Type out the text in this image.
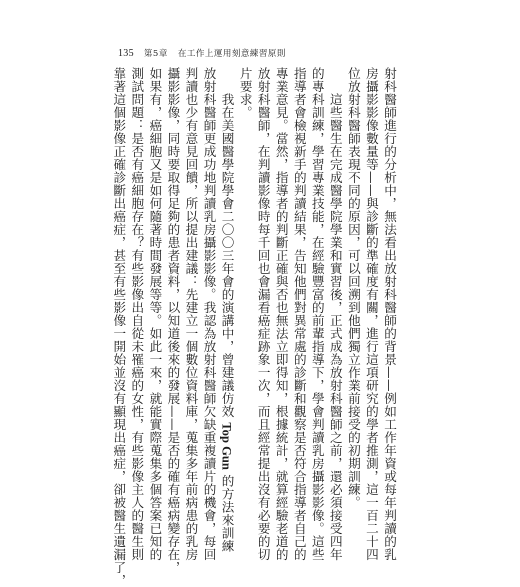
135 第5章 在工作上運用刻意練習原則
射科醫師進行的分析中，無法看出放射科醫師的背景——例如工作年資或每年判讀的乳
房攝影影像數量等——與診斷的準確度有關，進行這項研究的學者推測，這一百二十四
位放射科醫師表現不同的原因，可以回溯到他們獨立作業前接受的初期訓練。
這些醫生在完成醫學院學業和實習後，正式成為放射科醫師之前，還必須接受四年
的專科訓練，學習專業技能，在經驗豐富的前輩指導下，學會判讀乳房攝影影像。這些
指導者會檢視新手的判讀結果，告知他們對異常處的診斷和觀察是否符合指導者自己的
專業意見。當然，指導者的判斷正確與否也無法立即得知，根據統計，就算經驗老道的
放射科醫師，在判讀影像時每千回也會漏看癌症跡象一次，而且經常提出沒有必要的切
片要求。
我在美國醫學院學會二〇〇三年會的演講中，曾建議仿效 Top Gun 的方法來訓練
放射科醫師更成功地判讀乳房攝影影像。我認為放射科醫師欠缺重複讀片的機會，每回
判讀也少有意見回饋，所以提出建議：先建立一個數位資料庫，蒐集多年前病患的乳房
攝影影像，同時要取得足夠的患者資料，以知道後來的發展——是否的確有癌病變存在，
如果有，癌細胞又是如何隨著時間發展等等。如此一來，就能實際蒐集多個答案已知的
測試問題：是否有癌細胞存在？有些影像出自從未罹癌的女性，有些影像主人的醫生則
靠著這個影像正確診斷出癌症，甚至有些影像一開始並沒有顯現出癌症，卻被醫生遺漏了，
